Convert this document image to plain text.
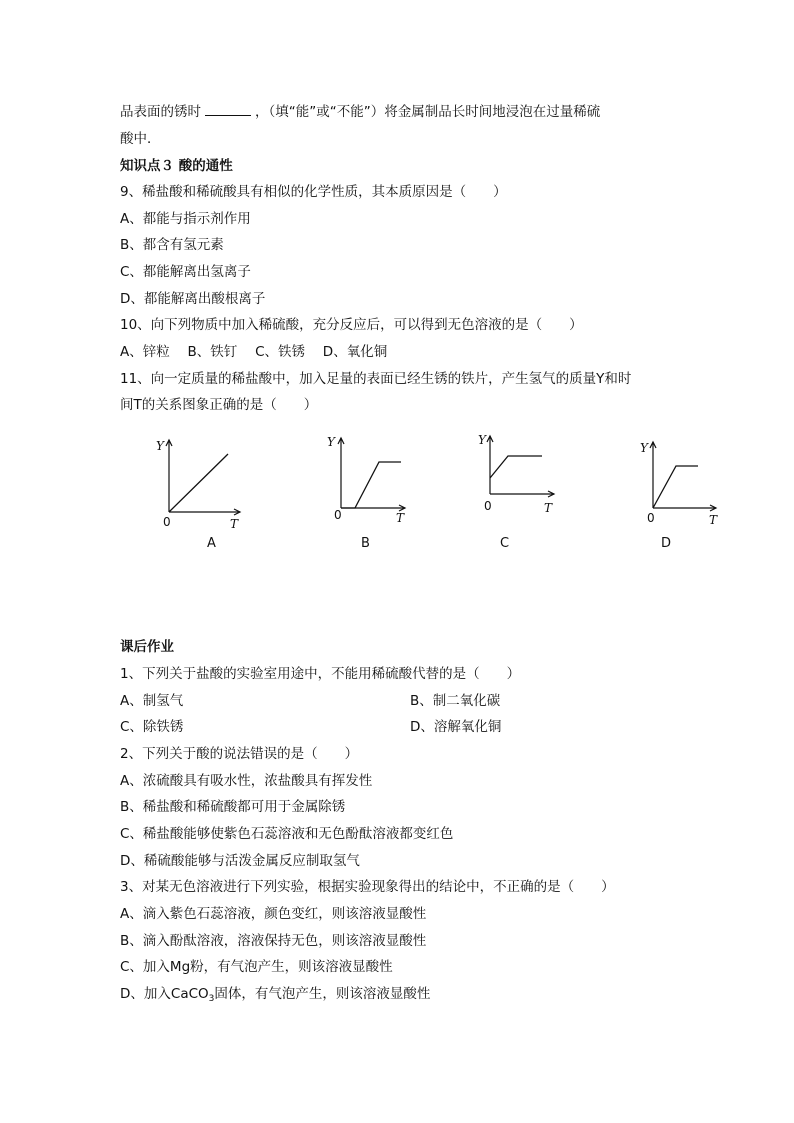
品表面的锈时	，（填“能”或“不能”）将金属制品长时间地浸泡在过量稀硫
酸中．
知识点３ 酸的通性
9、稀盐酸和稀硫酸具有相似的化学性质，其本质原因是（　　）
A、都能与指示剂作用
B、都含有氢元素
C、都能解离出氢离子
D、都能解离出酸根离子
10、向下列物质中加入稀硫酸，充分反应后，可以得到无色溶液的是（　　）
A、锌粒　 B、铁钉　 C、铁锈　 D、氧化铜
11、向一定质量的稀盐酸中，加入足量的表面已经生锈的铁片，产生氢气的质量Y和时
间T的关系图象正确的是（　　）
Y
0	T
A
Y
0	T
B
Y
0	T
C
Y
0	T
D
课后作业
1、下列关于盐酸的实验室用途中，不能用稀硫酸代替的是（　　）
A、制氢气	B、制二氧化碳
C、除铁锈	D、溶解氧化铜
2、下列关于酸的说法错误的是（　　）
A、浓硫酸具有吸水性，浓盐酸具有挥发性
B、稀盐酸和稀硫酸都可用于金属除锈
C、稀盐酸能够使紫色石蕊溶液和无色酚酞溶液都变红色
D、稀硫酸能够与活泼金属反应制取氢气
3、对某无色溶液进行下列实验，根据实验现象得出的结论中，不正确的是（　　）
A、滴入紫色石蕊溶液，颜色变红，则该溶液显酸性
B、滴入酚酞溶液，溶液保持无色，则该溶液显酸性
C、加入Mg粉，有气泡产生，则该溶液显酸性
D、加入CaCO$_3$固体，有气泡产生，则该溶液显酸性
